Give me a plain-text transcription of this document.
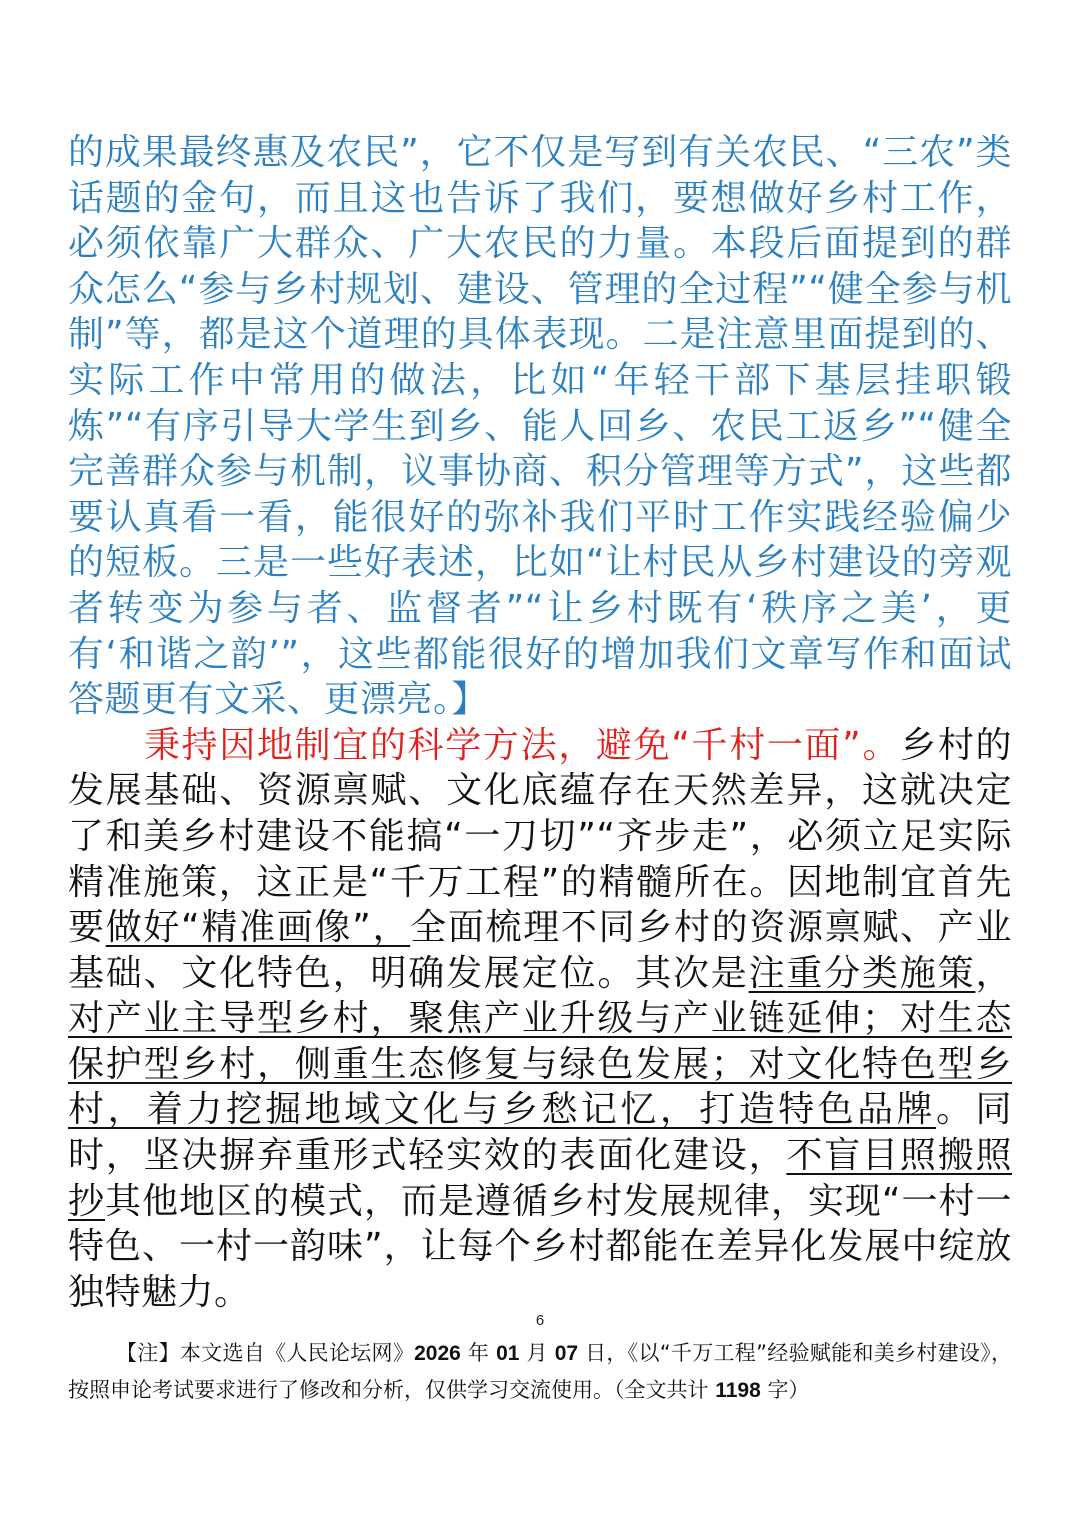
的成果最终惠及农民”，它不仅是写到有关农民、“三农”类话题的金句，而且这也告诉了我们，要想做好乡村工作，必须依靠广大群众、广大农民的力量。本段后面提到的群众怎么“参与乡村规划、建设、管理的全过程”“健全参与机制”等，都是这个道理的具体表现。二是注意里面提到的、实际工作中常用的做法，比如“年轻干部下基层挂职锻炼”“有序引导大学生到乡、能人回乡、农民工返乡”“健全完善群众参与机制，议事协商、积分管理等方式”，这些都要认真看一看，能很好的弥补我们平时工作实践经验偏少的短板。三是一些好表述，比如“让村民从乡村建设的旁观者转变为参与者、监督者”“让乡村既有‘秩序之美’，更有‘和谐之韵’”，这些都能很好的增加我们文章写作和面试答题更有文采、更漂亮。】

秉持因地制宜的科学方法，避免“千村一面”。乡村的发展基础、资源禀赋、文化底蕴存在天然差异，这就决定了和美乡村建设不能搞“一刀切”“齐步走”，必须立足实际精准施策，这正是“千万工程”的精髓所在。因地制宜首先要做好“精准画像”，全面梳理不同乡村的资源禀赋、产业基础、文化特色，明确发展定位。其次是注重分类施策，对产业主导型乡村，聚焦产业升级与产业链延伸；对生态保护型乡村，侧重生态修复与绿色发展；对文化特色型乡村，着力挖掘地域文化与乡愁记忆，打造特色品牌。同时，坚决摒弃重形式轻实效的表面化建设，不盲目照搬照抄其他地区的模式，而是遵循乡村发展规律，实现“一村一特色、一村一韵味”，让每个乡村都能在差异化发展中绽放独特魅力。

6

【注】本文选自《人民论坛网》2026 年 01 月 07 日，《以“千万工程”经验赋能和美乡村建设》，按照申论考试要求进行了修改和分析，仅供学习交流使用。（全文共计 1198 字）
